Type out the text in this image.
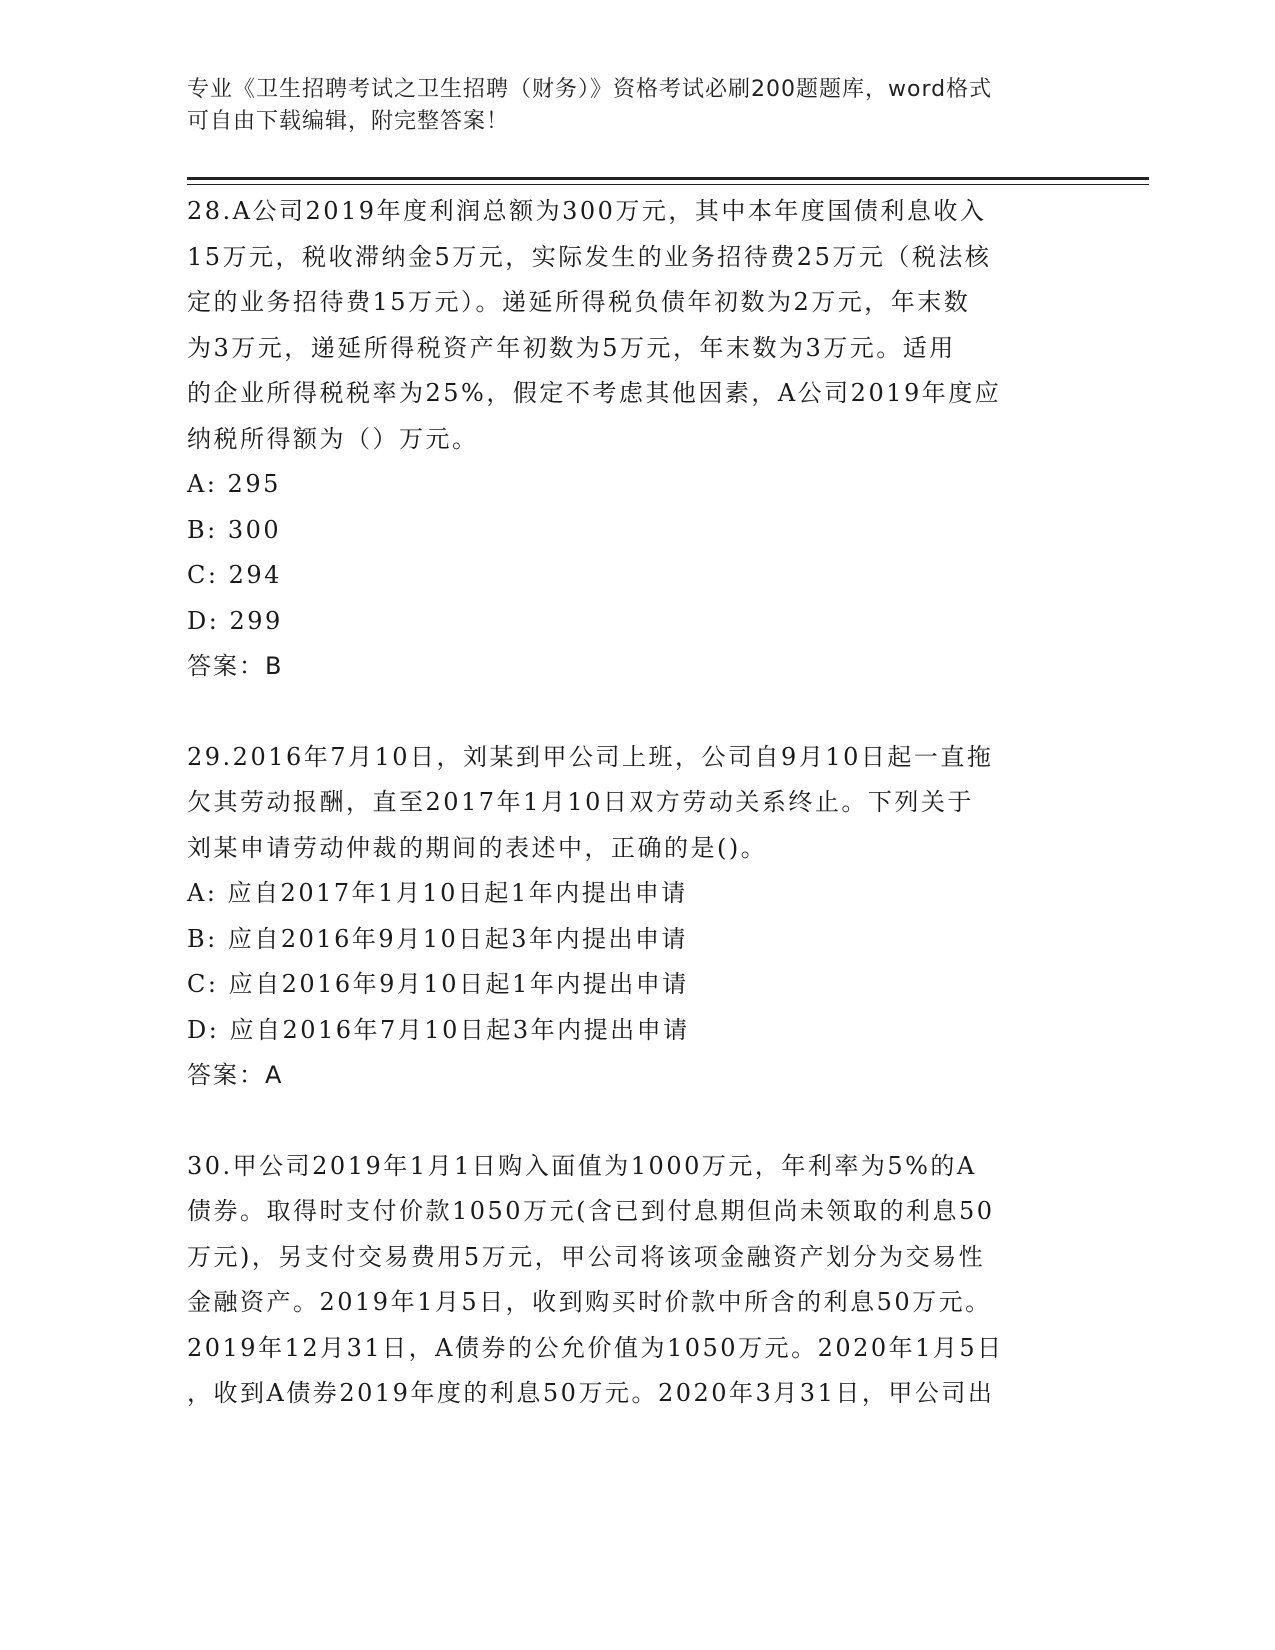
专业《卫生招聘考试之卫生招聘（财务）》资格考试必刷200题题库，word格式
可自由下载编辑，附完整答案！

28.A公司2019年度利润总额为300万元，其中本年度国债利息收入
15万元，税收滞纳金5万元，实际发生的业务招待费25万元（税法核
定的业务招待费15万元）。递延所得税负债年初数为2万元，年末数
为3万元，递延所得税资产年初数为5万元，年末数为3万元。适用
的企业所得税税率为25%，假定不考虑其他因素，A公司2019年度应
纳税所得额为（）万元。

A: 295

B: 300

C: 294

D: 299

答案：B

29.2016年7月10日，刘某到甲公司上班，公司自9月10日起一直拖
欠其劳动报酬，直至2017年1月10日双方劳动关系终止。下列关于
刘某申请劳动仲裁的期间的表述中，正确的是()。

A: 应自2017年1月10日起1年内提出申请

B: 应自2016年9月10日起3年内提出申请

C: 应自2016年9月10日起1年内提出申请

D: 应自2016年7月10日起3年内提出申请

答案：A

30.甲公司2019年1月1日购入面值为1000万元，年利率为5%的A
债券。取得时支付价款1050万元(含已到付息期但尚未领取的利息50
万元)，另支付交易费用5万元，甲公司将该项金融资产划分为交易性
金融资产。2019年1月5日，收到购买时价款中所含的利息50万元。
2019年12月31日，A债券的公允价值为1050万元。2020年1月5日
，收到A债券2019年度的利息50万元。2020年3月31日，甲公司出
